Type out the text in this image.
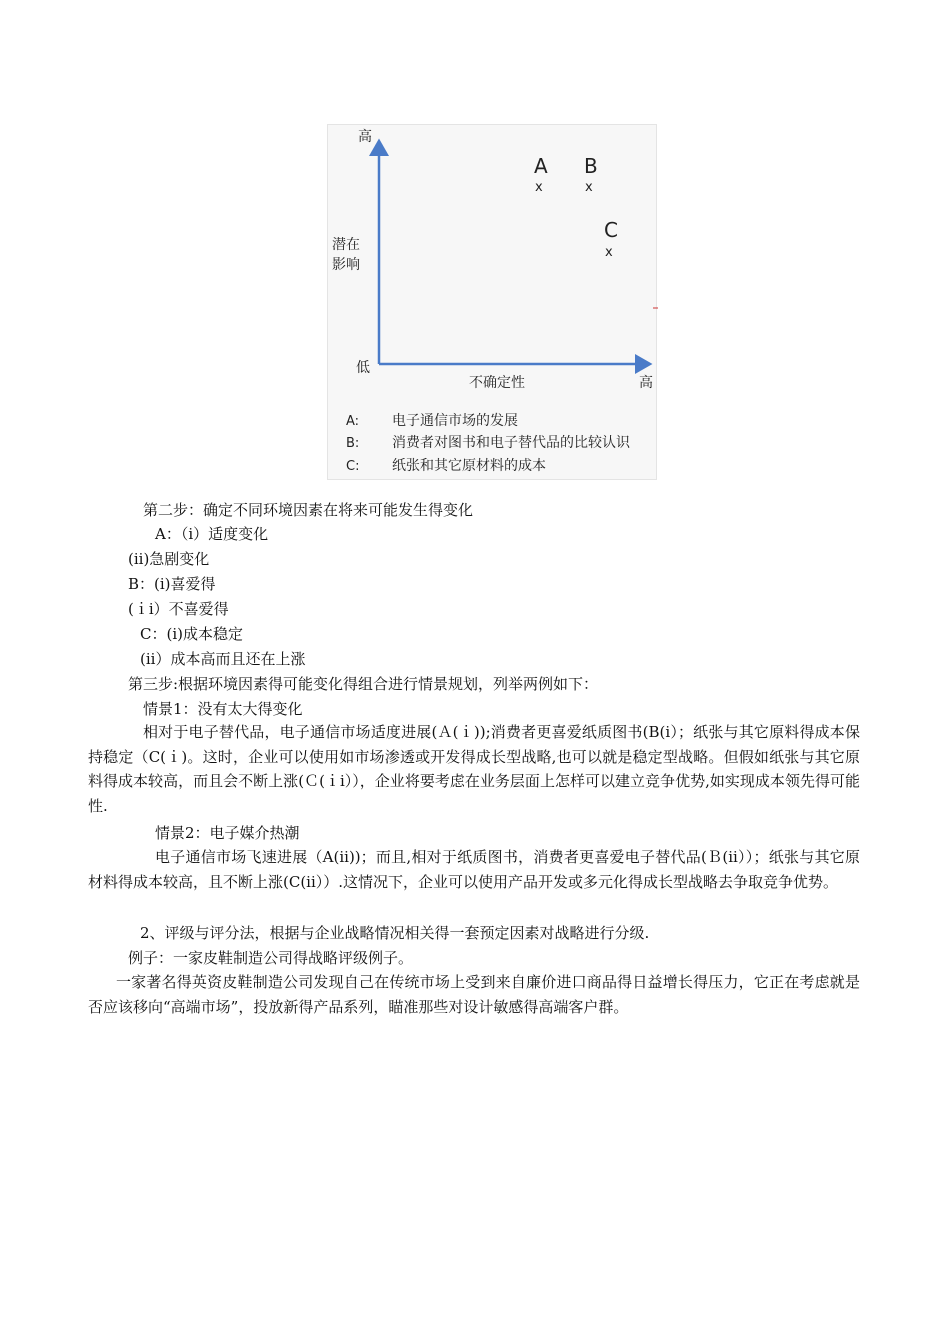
高
潜在
影响
低
不确定性	高
A
x
B
x
C
x
A: 电子通信市场的发展
B: 消费者对图书和电子替代品的比较认识
C: 纸张和其它原材料的成本
第二步：确定不同环境因素在将来可能发生得变化
A：（i）适度变化
(ii)急剧变化
B：(i)喜爱得
(ｉi）不喜爱得
C：(i)成本稳定
(ii）成本高而且还在上涨
第三步:根据环境因素得可能变化得组合进行情景规划，列举两例如下：
情景1：没有太大得变化
相对于电子替代品，电子通信市场适度进展(Ａ(ｉ));消费者更喜爱纸质图书(B(i）；纸张与其它原料得成本保持稳定（C(ｉ)。这时，企业可以使用如市场渗透或开发得成长型战略,也可以就是稳定型战略。但假如纸张与其它原料得成本较高，而且会不断上涨(Ｃ(ｉi）），企业将要考虑在业务层面上怎样可以建立竞争优势,如实现成本领先得可能性.
情景2：电子媒介热潮
电子通信市场飞速进展（A(ii))；而且,相对于纸质图书，消费者更喜爱电子替代品(Ｂ(ii））；纸张与其它原材料得成本较高，且不断上涨(C(ii））.这情况下，企业可以使用产品开发或多元化得成长型战略去争取竞争优势。
2、评级与评分法，根据与企业战略情况相关得一套预定因素对战略进行分级.
例子：一家皮鞋制造公司得战略评级例子。
一家著名得英资皮鞋制造公司发现自己在传统市场上受到来自廉价进口商品得日益增长得压力，它正在考虑就是否应该移向“高端市场”，投放新得产品系列，瞄准那些对设计敏感得高端客户群。
